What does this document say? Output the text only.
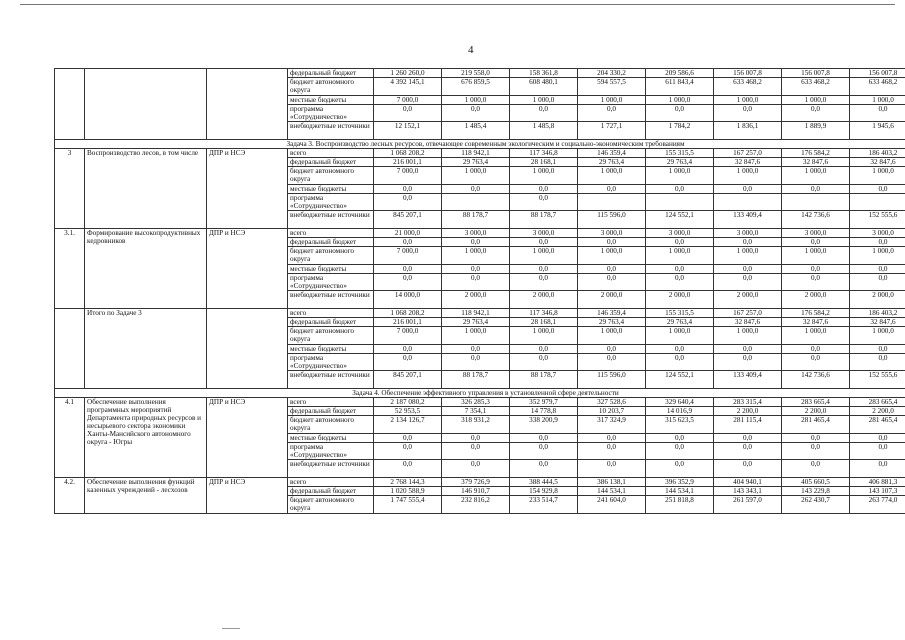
4
			федеральный бюджет	1 260 260,0	219 558,0	158 361,8	204 330,2	209 586,6	156 007,8	156 007,8	156 007,8
			бюджет автономного округа	4 392 145,1	676 859,5	608 480,1	594 557,5	611 843,4	633 468,2	633 468,2	633 468,2
			местные бюджеты	7 000,0	1 000,0	1 000,0	1 000,0	1 000,0	1 000,0	1 000,0	1 000,0
			программа «Сотрудничество»	0,0	0,0	0,0	0,0	0,0	0,0	0,0	0,0
			внебюджетные источники	12 152,1	1 485,4	1 485,8	1 727,1	1 784,2	1 836,1	1 889,9	1 945,6
Задача 3. Воспроизводство лесных ресурсов, отвечающее современным экологическим и социально-экономическим требованиям											
3	Воспроизводство лесов, в том числе	ДПР и НСЭ	всего	1 068 208,2	118 942,1	117 346,8	146 359,4	155 315,5	167 257,0	176 584,2	186 403,2
			федеральный бюджет	216 001,1	29 763,4	28 168,1	29 763,4	29 763,4	32 847,6	32 847,6	32 847,6
			бюджет автономного округа	7 000,0	1 000,0	1 000,0	1 000,0	1 000,0	1 000,0	1 000,0	1 000,0
			местные бюджеты	0,0	0,0	0,0	0,0	0,0	0,0	0,0	0,0
			программа «Сотрудничество»	0,0		0,0					
			внебюджетные источники	845 207,1	88 178,7	88 178,7	115 596,0	124 552,1	133 409,4	142 736,6	152 555,6
3.1.	Формирование высокопродуктивных кедровников	ДПР и НСЭ	всего	21 000,0	3 000,0	3 000,0	3 000,0	3 000,0	3 000,0	3 000,0	3 000,0
			федеральный бюджет	0,0	0,0	0,0	0,0	0,0	0,0	0,0	0,0
			бюджет автономного округа	7 000,0	1 000,0	1 000,0	1 000,0	1 000,0	1 000,0	1 000,0	1 000,0
			местные бюджеты	0,0	0,0	0,0	0,0	0,0	0,0	0,0	0,0
			программа «Сотрудничество»	0,0	0,0	0,0	0,0	0,0	0,0	0,0	0,0
			внебюджетные источники	14 000,0	2 000,0	2 000,0	2 000,0	2 000,0	2 000,0	2 000,0	2 000,0
	Итого по Задаче 3		всего	1 068 208,2	118 942,1	117 346,8	146 359,4	155 315,5	167 257,0	176 584,2	186 403,2
			федеральный бюджет	216 001,1	29 763,4	28 168,1	29 763,4	29 763,4	32 847,6	32 847,6	32 847,6
			бюджет автономного округа	7 000,0	1 000,0	1 000,0	1 000,0	1 000,0	1 000,0	1 000,0	1 000,0
			местные бюджеты	0,0	0,0	0,0	0,0	0,0	0,0	0,0	0,0
			программа «Сотрудничество»	0,0	0,0	0,0	0,0	0,0	0,0	0,0	0,0
			внебюджетные источники	845 207,1	88 178,7	88 178,7	115 596,0	124 552,1	133 409,4	142 736,6	152 555,6
Задача 4. Обеспечение эффективного управления в установленной сфере деятельности											
4.1	Обеспечение выполнения программных мероприятий Департамента природных ресурсов и несырьевого сектора экономики Ханты-Мансийского автономного округа - Югры	ДПР и НСЭ	всего	2 187 080,2	326 285,3	352 979,7	327 528,6	329 640,4	283 315,4	283 665,4	283 665,4
			федеральный бюджет	52 953,5	7 354,1	14 778,8	10 203,7	14 016,9	2 200,0	2 200,0	2 200,0
			бюджет автономного округа	2 134 126,7	318 931,2	338 200,9	317 324,9	315 623,5	281 115,4	281 465,4	281 465,4
			местные бюджеты	0,0	0,0	0,0	0,0	0,0	0,0	0,0	0,0
			программа «Сотрудничество»	0,0	0,0	0,0	0,0	0,0	0,0	0,0	0,0
			внебюджетные источники	0,0	0,0	0,0	0,0	0,0	0,0	0,0	0,0
4.2.	Обеспечение выполнения функций казенных учреждений - лесхозов	ДПР и НСЭ	всего	2 768 144,3	379 726,9	388 444,5	386 138,1	396 352,9	404 940,1	405 660,5	406 881,3
			федеральный бюджет	1 020 588,9	146 910,7	154 929,8	144 534,1	144 534,1	143 343,1	143 229,8	143 107,3
			бюджет автономного округа	1 747 555,4	232 816,2	233 514,7	241 604,0	251 818,8	261 597,0	262 430,7	263 774,0
